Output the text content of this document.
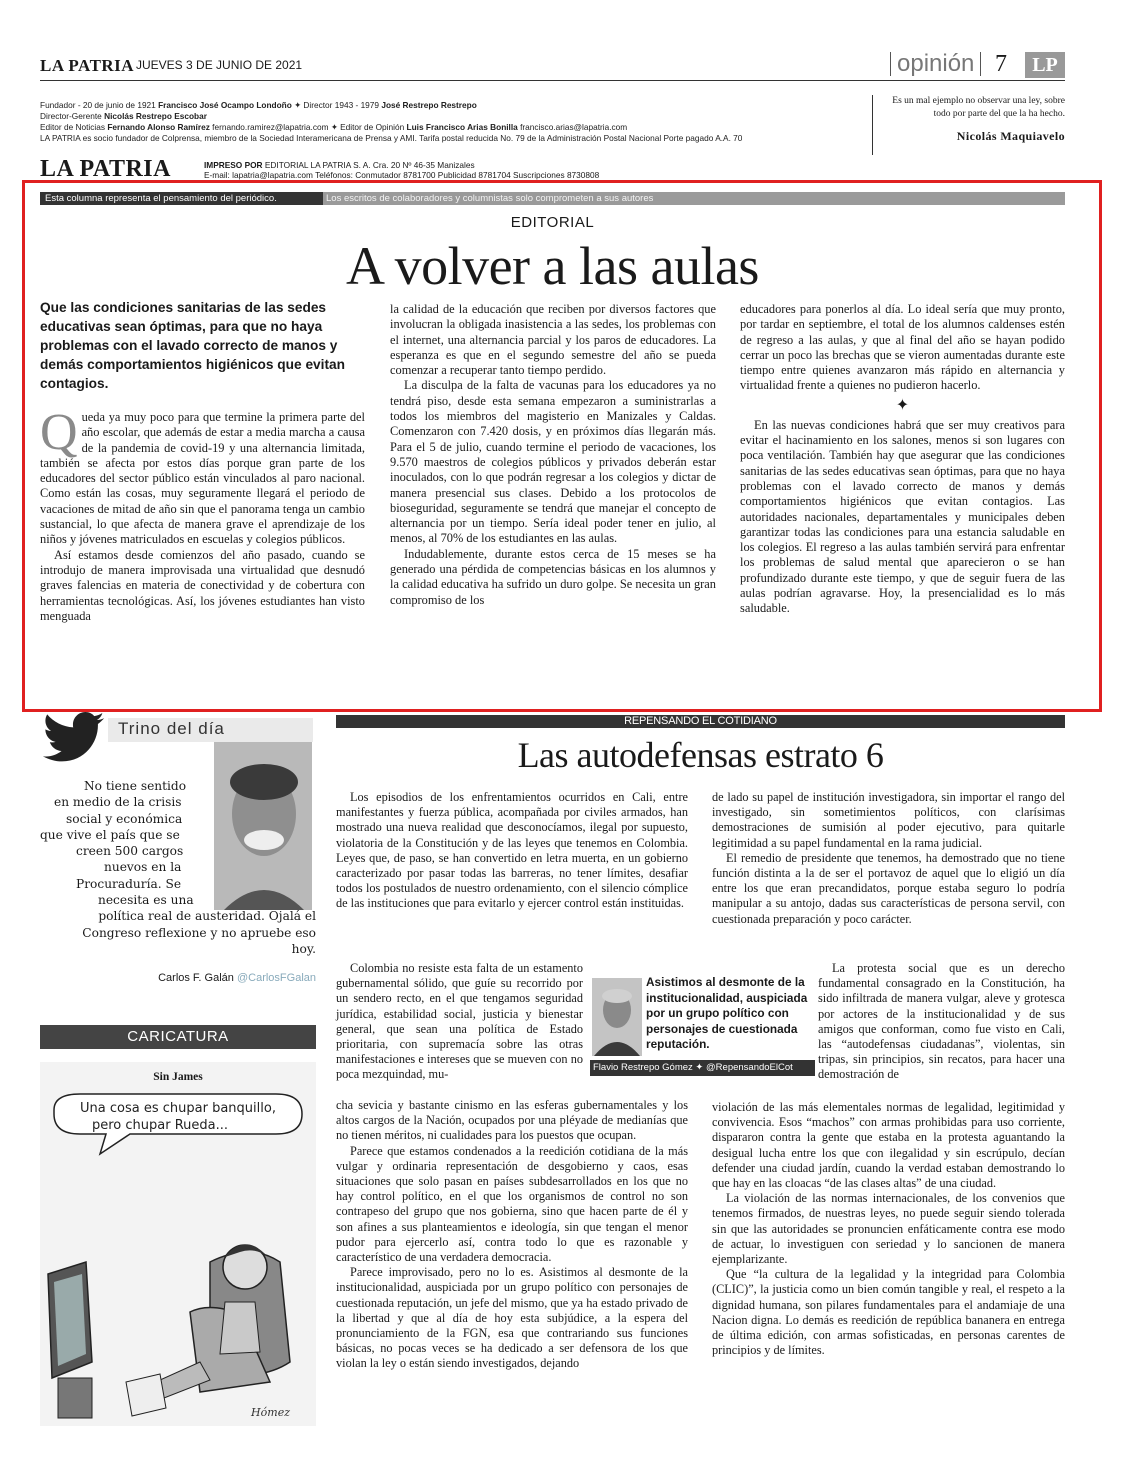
LA PATRIA JUEVES 3 DE JUNIO DE 2021	opinión 7	LP
Fundador - 20 de junio de 1921 Francisco José Ocampo Londoño ✦ Director 1943 - 1979 José Restrepo Restrepo
Director-Gerente Nicolás Restrepo Escobar
Editor de Noticias Fernando Alonso Ramírez fernando.ramirez@lapatria.com ✦ Editor de Opinión Luis Francisco Arias Bonilla francisco.arias@lapatria.com
LA PATRIA es socio fundador de Colprensa, miembro de la Sociedad Interamericana de Prensa y AMI. Tarifa postal reducida No. 79 de la Administración Postal Nacional Porte pagado A.A. 70
LA PATRIA	IMPRESO POR EDITORIAL LA PATRIA S. A. Cra. 20 Nº 46-35 Manizales
E-mail: lapatria@lapatria.com Teléfonos: Conmutador 8781700 Publicidad 8781704 Suscripciones 8730808
Es un mal ejemplo no observar una ley, sobre todo por parte del que la ha hecho.
Nicolás Maquiavelo
Esta columna representa el pensamiento del periódico.	Los escritos de colaboradores y columnistas solo comprometen a sus autores
EDITORIAL
A volver a las aulas
Que las condiciones sanitarias de las sedes educativas sean óptimas, para que no haya problemas con el lavado correcto de manos y demás comportamientos higiénicos que evitan contagios.

Queda ya muy poco para que termine la primera parte del año escolar, que además de estar a media marcha a causa de la pandemia de covid-19 y una alternancia limitada, también se afecta por estos días porque gran parte de los educadores del sector público están vinculados al paro nacional. Como están las cosas, muy seguramente llegará el periodo de vacaciones de mitad de año sin que el panorama tenga un cambio sustancial, lo que afecta de manera grave el aprendizaje de los niños y jóvenes matriculados en escuelas y colegios públicos.

Así estamos desde comienzos del año pasado, cuando se introdujo de manera improvisada una virtualidad que desnudó graves falencias en materia de conectividad y de cobertura con herramientas tecnológicas. Así, los jóvenes estudiantes han visto menguada

la calidad de la educación que reciben por diversos factores que involucran la obligada inasistencia a las sedes, los problemas con el internet, una alternancia parcial y los paros de educadores. La esperanza es que en el segundo semestre del año se pueda comenzar a recuperar tanto tiempo perdido.

La disculpa de la falta de vacunas para los educadores ya no tendrá piso, desde esta semana empezaron a suministrarlas a todos los miembros del magisterio en Manizales y Caldas. Comenzaron con 7.420 dosis, y en próximos días llegarán más. Para el 5 de julio, cuando termine el periodo de vacaciones, los 9.570 maestros de colegios públicos y privados deberán estar inoculados, con lo que podrán regresar a los colegios y dictar de manera presencial sus clases. Debido a los protocolos de bioseguridad, seguramente se tendrá que manejar el concepto de alternancia por un tiempo. Sería ideal poder tener en julio, al menos, al 70% de los estudiantes en las aulas.

Indudablemente, durante estos cerca de 15 meses se ha generado una pérdida de competencias básicas en los alumnos y la calidad educativa ha sufrido un duro golpe. Se necesita un gran compromiso de los

educadores para ponerlos al día. Lo ideal sería que muy pronto, por tardar en septiembre, el total de los alumnos caldenses estén de regreso a las aulas, y que al final del año se hayan podido cerrar un poco las brechas que se vieron aumentadas durante este tiempo entre quienes avanzaron más rápido en alternancia y virtualidad frente a quienes no pudieron hacerlo.

✦

En las nuevas condiciones habrá que ser muy creativos para evitar el hacinamiento en los salones, menos si son lugares con poca ventilación. También hay que asegurar que las condiciones sanitarias de las sedes educativas sean óptimas, para que no haya problemas con el lavado correcto de manos y demás comportamientos higiénicos que evitan contagios. Las autoridades nacionales, departamentales y municipales deben garantizar todas las condiciones para una estancia saludable en los colegios. El regreso a las aulas también servirá para enfrentar los problemas de salud mental que aparecieron o se han profundizado durante este tiempo, y que de seguir fuera de las aulas podrían agravarse. Hoy, la presencialidad es lo más saludable.

Trino del día
No tiene sentido
en medio de la crisis
social y económica
que vive el país que se
creen 500 cargos
nuevos en la
Procuraduría. Se
necesita es una
política real de austeridad. Ojalá el
Congreso reflexione y no apruebe eso
hoy.
Carlos F. Galán @CarlosFGalan
CARICATURA
Una cosa es chupar banquillo,
pero chupar Rueda...
Hómez
Sin James
REPENSANDO EL COTIDIANO
Las autodefensas estrato 6

Los episodios de los enfrentamientos ocurridos en Cali, entre manifestantes y fuerza pública, acompañada por civiles armados, han mostrado una nueva realidad que desconocíamos, ilegal por supuesto, violatoria de la Constitución y de las leyes que tenemos en Colombia. Leyes que, de paso, se han convertido en letra muerta, en un gobierno caracterizado por pasar todas las barreras, no tener límites, desafiar todos los postulados de nuestro ordenamiento, con el silencio cómplice de las instituciones que para evitarlo y ejercer control están instituidas.

Colombia no resiste esta falta de un estamento gubernamental sólido, que guíe su recorrido por un sendero recto, en el que tengamos seguridad jurídica, estabilidad social, justicia y bienestar general, que sean una política de Estado prioritaria, con supremacía sobre las otras manifestaciones e intereses que se mueven con no poca mezquindad, mu-

cha sevicia y bastante cinismo en las esferas gubernamentales y los altos cargos de la Nación, ocupados por una pléyade de medianías que no tienen méritos, ni cualidades para los puestos que ocupan.

Parece que estamos condenados a la reedición cotidiana de la más vulgar y ordinaria representación de desgobierno y caos, esas situaciones que solo pasan en países subdesarrollados en los que no hay control político, en el que los organismos de control no son contrapeso del grupo que nos gobierna, sino que hacen parte de él y son afines a sus planteamientos e ideología, sin que tengan el menor pudor para ejercerlo así, contra todo lo que es razonable y característico de una verdadera democracia.

Parece improvisado, pero no lo es. Asistimos al desmonte de la institucionalidad, auspiciada por un grupo político con personajes de cuestionada reputación, un jefe del mismo, que ya ha estado privado de la libertad y que al día de hoy esta subjúdice, a la espera del pronunciamiento de la FGN, esa que contrariando sus funciones básicas, no pocas veces se ha dedicado a ser defensora de los que violan la ley o están siendo investigados, dejando

de lado su papel de institución investigadora, sin importar el rango del investigado, sin sometimientos políticos, con clarísimas demostraciones de sumisión al poder ejecutivo, para quitarle legitimidad a su papel fundamental en la rama judicial.

El remedio de presidente que tenemos, ha demostrado que no tiene función distinta a la de ser el portavoz de aquel que lo eligió un día entre los que eran precandidatos, porque estaba seguro lo podría manipular a su antojo, dadas sus características de persona servil, con cuestionada preparación y poco carácter.

La protesta social que es un derecho fundamental consagrado en la Constitución, ha sido infiltrada de manera vulgar, aleve y grotesca por actores de la institucionalidad y de sus amigos que conforman, como fue visto en Cali, las “autodefensas ciudadanas”, violentas, sin tripas, sin principios, sin recatos, para hacer una demostración de

violación de las más elementales normas de legalidad, legitimidad y convivencia. Esos “machos” con armas prohibidas para uso corriente, dispararon contra la gente que estaba en la protesta aguantando la desigual lucha entre los que con ilegalidad y sin escrúpulo, decían defender una ciudad jardín, cuando la verdad estaban demostrando lo que hay en las cloacas “de las clases altas” de una ciudad.

La violación de las normas internacionales, de los convenios que tenemos firmados, de nuestras leyes, no puede seguir siendo tolerada sin que las autoridades se pronuncien enfáticamente contra ese modo de actuar, lo investiguen con seriedad y lo sancionen de manera ejemplarizante.

Que “la cultura de la legalidad y la integridad para Colombia (CLIC)”, la justicia como un bien común tangible y real, el respeto a la dignidad humana, son pilares fundamentales para el andamiaje de una Nacion digna. Lo demás es reedición de república bananera en entrega de última edición, con armas sofisticadas, en personas carentes de principios y de límites.

Asistimos al desmonte de la institucionalidad, auspiciada por un grupo político con personajes de cuestionada reputación.
Flavio Restrepo Gómez ✦ @RepensandoElCot
